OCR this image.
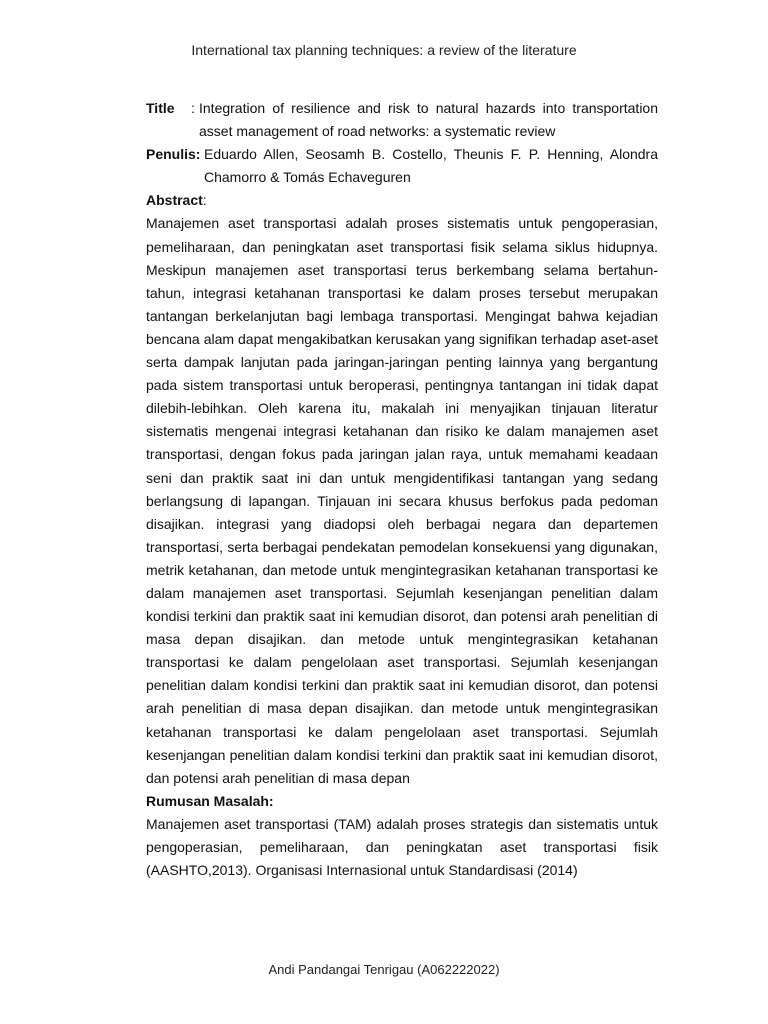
International tax planning techniques: a review of the literature
Title	: Integration of resilience and risk to natural hazards into transportation asset management of road networks: a systematic review
Penulis: Eduardo Allen, Seosamh B. Costello, Theunis F. P. Henning, Alondra Chamorro & Tomás Echaveguren
Abstract:

Manajemen aset transportasi adalah proses sistematis untuk pengoperasian, pemeliharaan, dan peningkatan aset transportasi fisik selama siklus hidupnya. Meskipun manajemen aset transportasi terus berkembang selama bertahun-tahun, integrasi ketahanan transportasi ke dalam proses tersebut merupakan tantangan berkelanjutan bagi lembaga transportasi. Mengingat bahwa kejadian bencana alam dapat mengakibatkan kerusakan yang signifikan terhadap aset-aset serta dampak lanjutan pada jaringan-jaringan penting lainnya yang bergantung pada sistem transportasi untuk beroperasi, pentingnya tantangan ini tidak dapat dilebih-lebihkan. Oleh karena itu, makalah ini menyajikan tinjauan literatur sistematis mengenai integrasi ketahanan dan risiko ke dalam manajemen aset transportasi, dengan fokus pada jaringan jalan raya, untuk memahami keadaan seni dan praktik saat ini dan untuk mengidentifikasi tantangan yang sedang berlangsung di lapangan. Tinjauan ini secara khusus berfokus pada pedoman disajikan. integrasi yang diadopsi oleh berbagai negara dan departemen transportasi, serta berbagai pendekatan pemodelan konsekuensi yang digunakan, metrik ketahanan, dan metode untuk mengintegrasikan ketahanan transportasi ke dalam manajemen aset transportasi. Sejumlah kesenjangan penelitian dalam kondisi terkini dan praktik saat ini kemudian disorot, dan potensi arah penelitian di masa depan disajikan. dan metode untuk mengintegrasikan ketahanan transportasi ke dalam pengelolaan aset transportasi. Sejumlah kesenjangan penelitian dalam kondisi terkini dan praktik saat ini kemudian disorot, dan potensi arah penelitian di masa depan disajikan. dan metode untuk mengintegrasikan ketahanan transportasi ke dalam pengelolaan aset transportasi. Sejumlah kesenjangan penelitian dalam kondisi terkini dan praktik saat ini kemudian disorot, dan potensi arah penelitian di masa depan

Rumusan Masalah:

Manajemen aset transportasi (TAM) adalah proses strategis dan sistematis untuk pengoperasian, pemeliharaan, dan peningkatan aset transportasi fisik (AASHTO,2013). Organisasi Internasional untuk Standardisasi (2014)

Andi Pandangai Tenrigau (A062222022)
